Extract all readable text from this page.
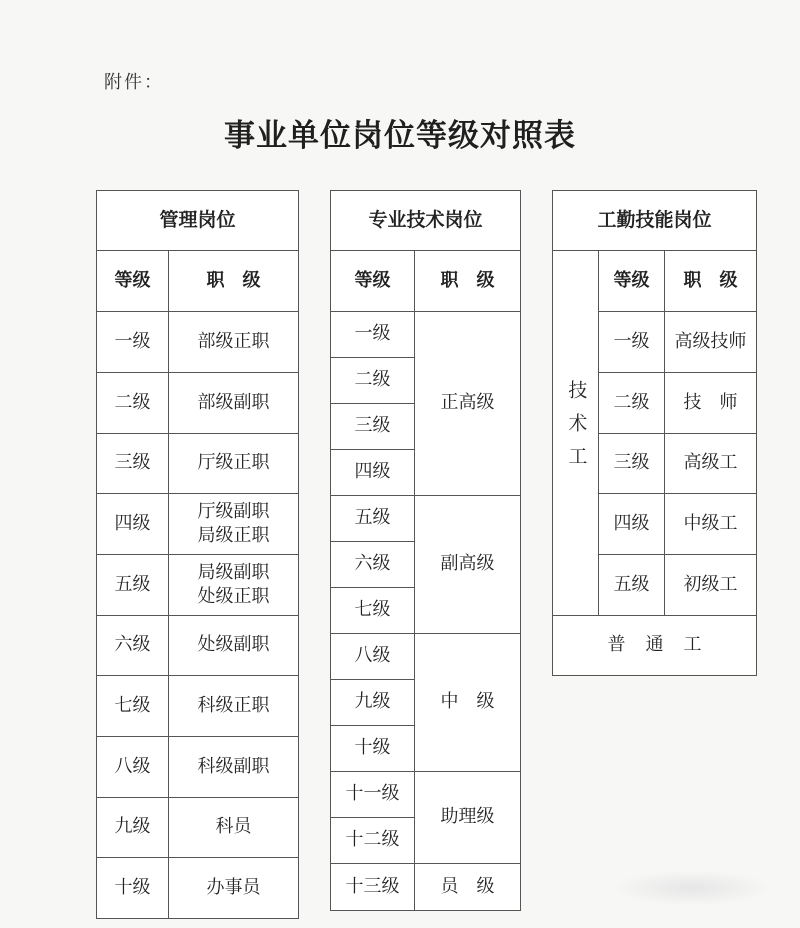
附件：
事业单位岗位等级对照表
管理岗位	
等级	职　级
一级	部级正职
二级	部级副职
三级	厅级正职
四级	厅级副职
局级正职

五级	局级副职
处级正职

六级	处级副职
七级	科级正职
八级	科级副职
九级	科员
十级	办事员
专业技术岗位	
等级	职　级
一级	正高级
二级	
三级	
四级	
五级	副高级
六级	
七级	
八级	中　级
九级	
十级	
十一级	助理级
十二级	
十三级	员　级
工勤技能岗位		
技术工	等级	职　级
	一级	高级技师
	二级	技　师
	三级	高级工
	四级	中级工
	五级	初级工
普通工		
